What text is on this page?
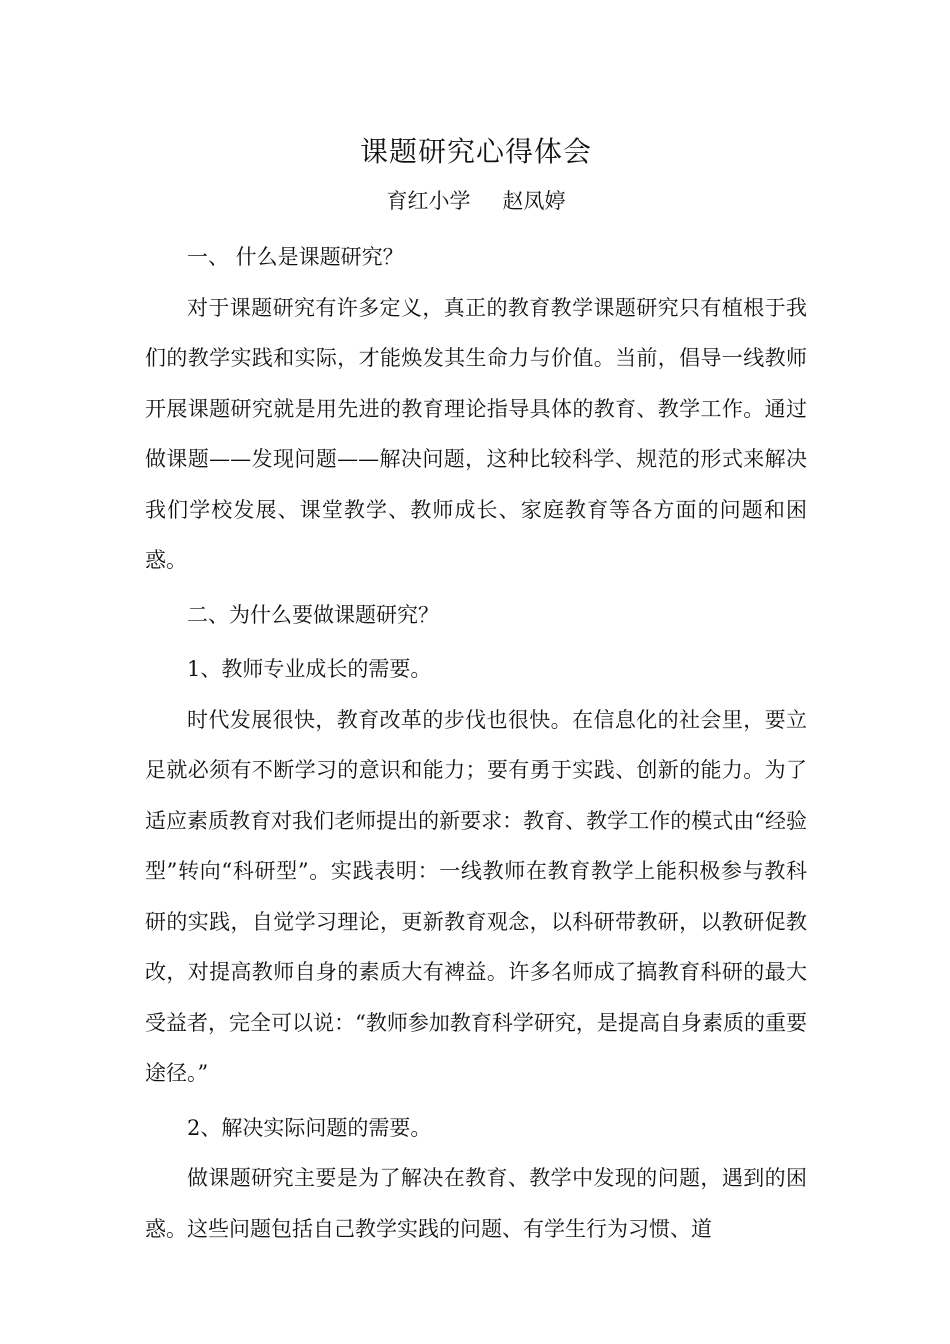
课题研究心得体会

育红小学 赵凤婷

一、 什么是课题研究？

对于课题研究有许多定义，真正的教育教学课题研究只有植根于我们的教学实践和实际，才能焕发其生命力与价值。当前，倡导一线教师开展课题研究就是用先进的教育理论指导具体的教育、教学工作。通过做课题——发现问题——解决问题，这种比较科学、规范的形式来解决我们学校发展、课堂教学、教师成长、家庭教育等各方面的问题和困惑。

二、为什么要做课题研究？

1、教师专业成长的需要。

时代发展很快，教育改革的步伐也很快。在信息化的社会里，要立足就必须有不断学习的意识和能力；要有勇于实践、创新的能力。为了适应素质教育对我们老师提出的新要求：教育、教学工作的模式由“经验型”转向“科研型”。实践表明：一线教师在教育教学上能积极参与教科研的实践，自觉学习理论，更新教育观念，以科研带教研，以教研促教改，对提高教师自身的素质大有裨益。许多名师成了搞教育科研的最大受益者，完全可以说：“教师参加教育科学研究，是提高自身素质的重要途径。”

2、解决实际问题的需要。

做课题研究主要是为了解决在教育、教学中发现的问题，遇到的困惑。这些问题包括自己教学实践的问题、有学生行为习惯、道
